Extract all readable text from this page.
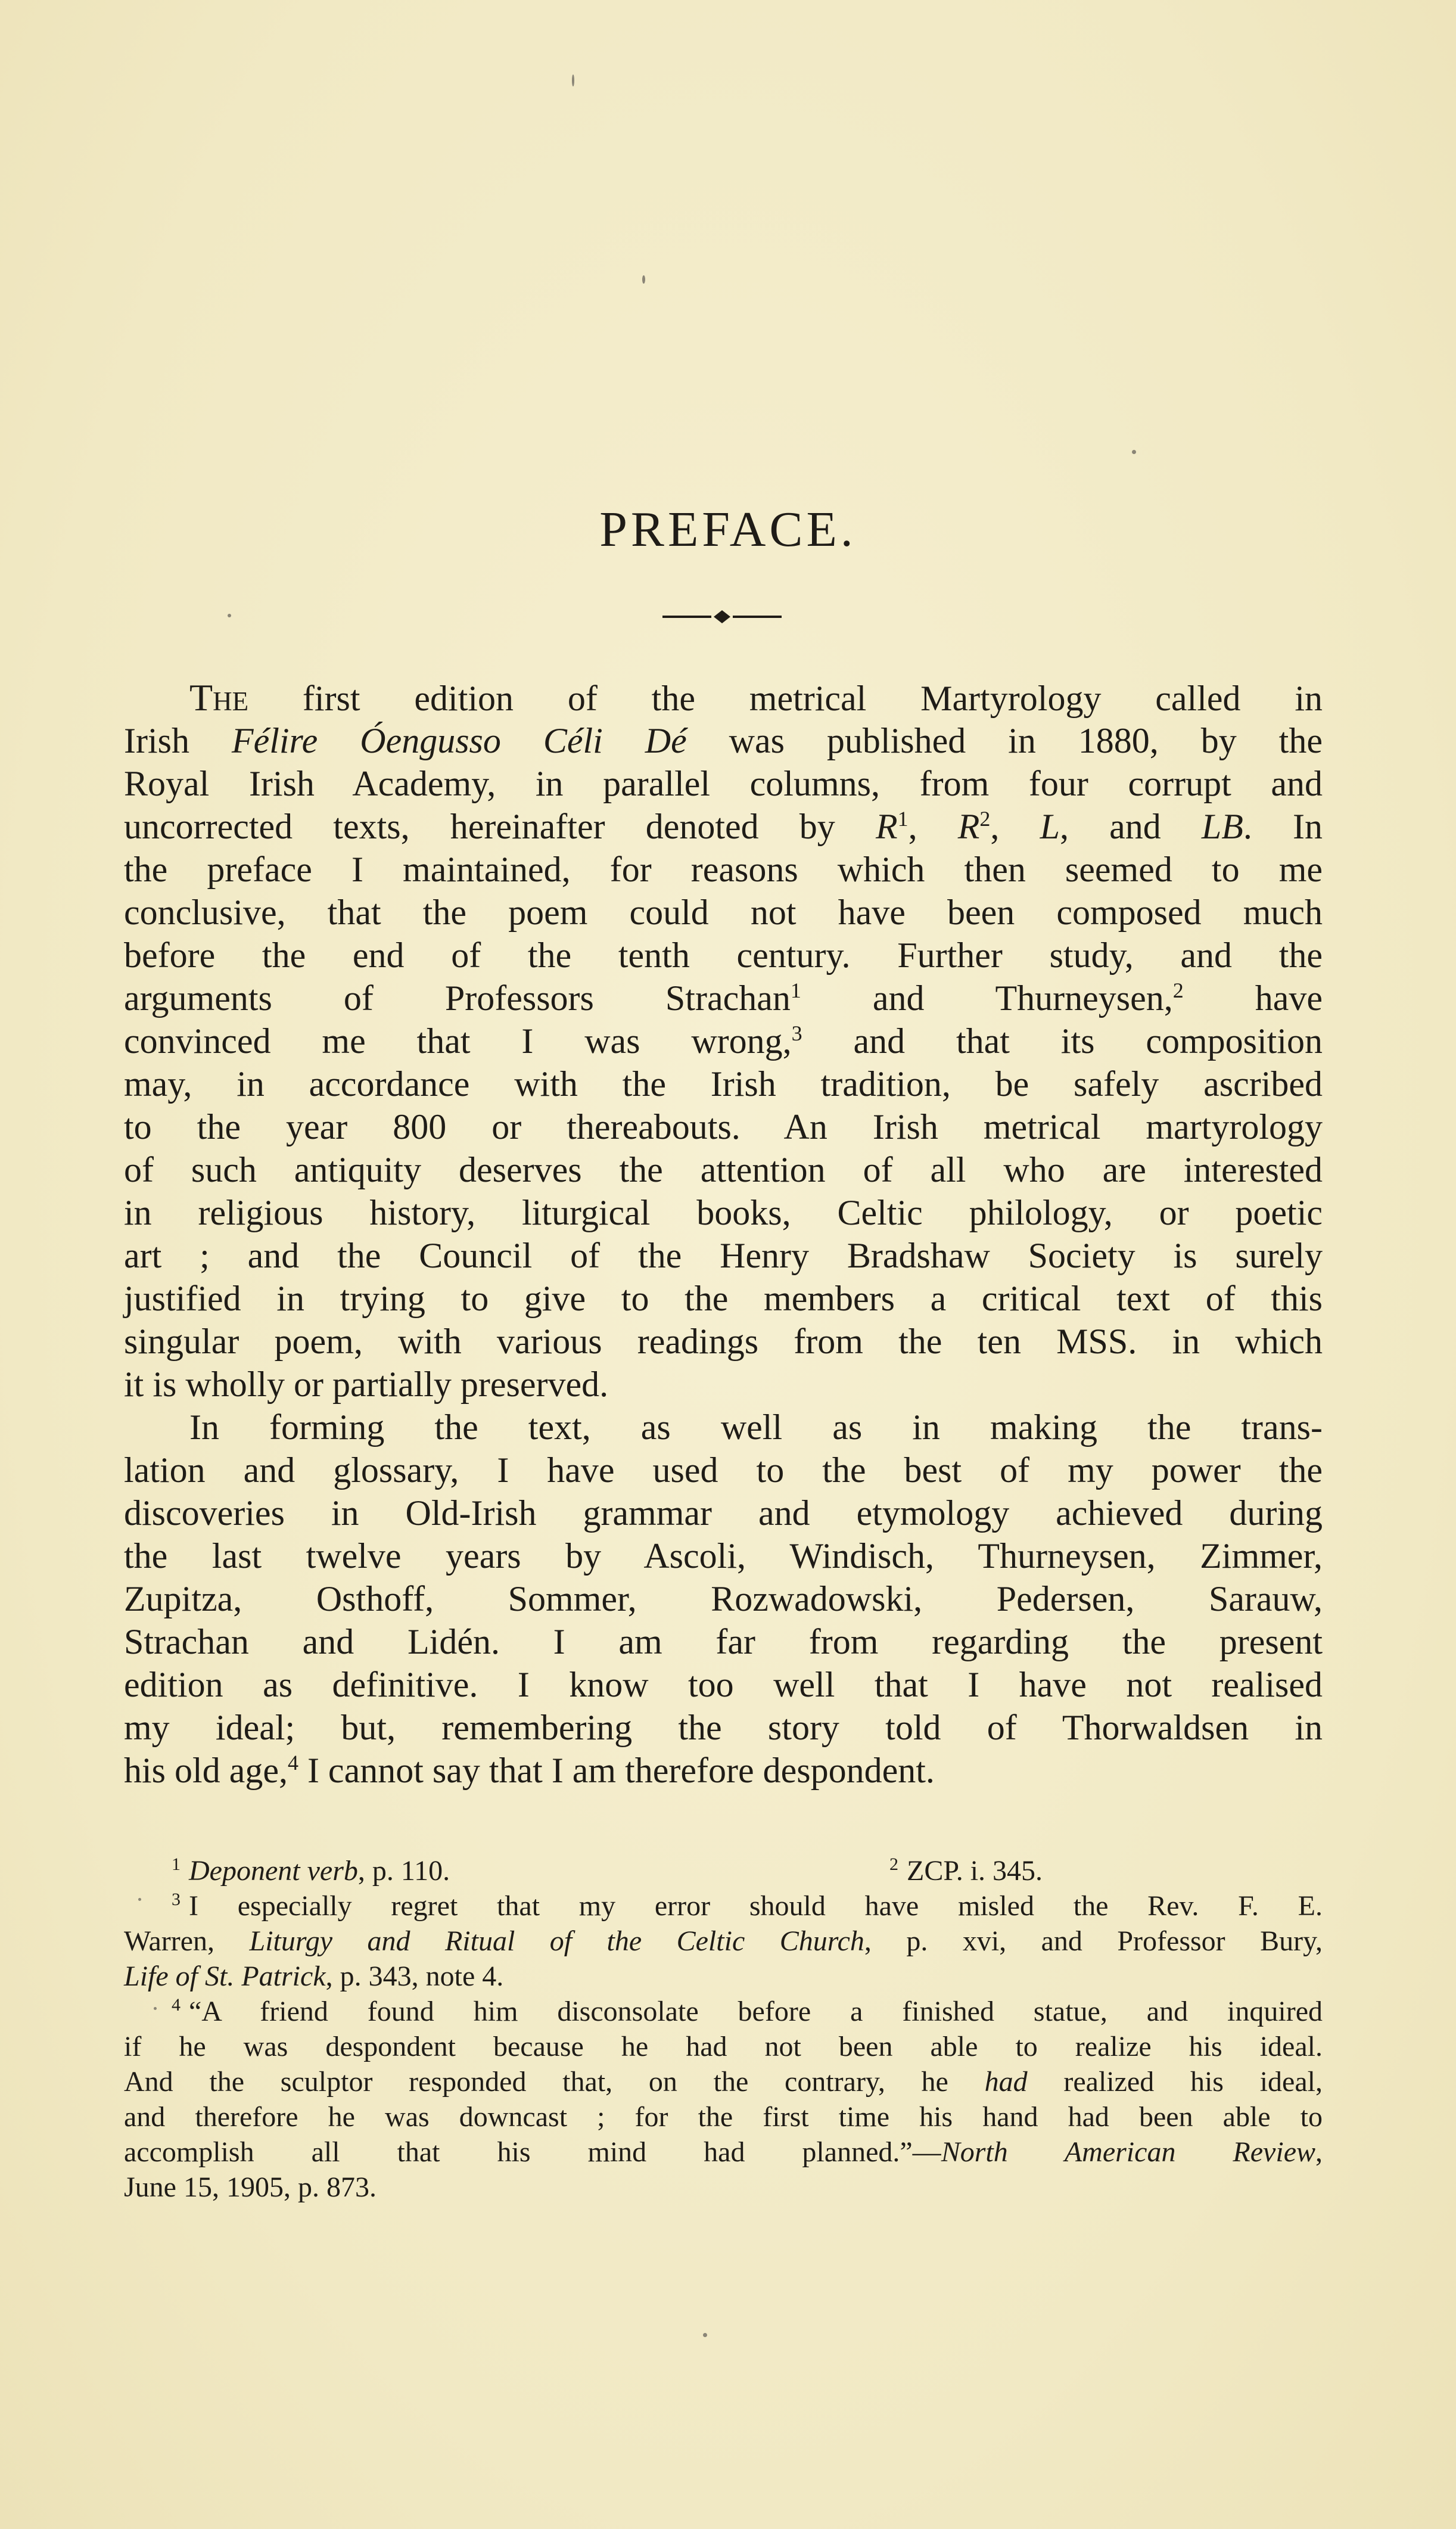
PREFACE.
The first edition of the metrical Martyrology called in
Irish Félire Óengusso Céli Dé was published in 1880, by the
Royal Irish Academy, in parallel columns, from four corrupt and
uncorrected texts, hereinafter denoted by $R^1$, $R^2$, L, and LB. In
the preface I maintained, for reasons which then seemed to me
conclusive, that the poem could not have been composed much
before the end of the tenth century. Further study, and the
arguments of Professors Strachan$^1$ and Thurneysen,$^2$ have
convinced me that I was wrong,$^3$ and that its composition
may, in accordance with the Irish tradition, be safely ascribed
to the year 800 or thereabouts. An Irish metrical martyrology
of such antiquity deserves the attention of all who are interested
in religious history, liturgical books, Celtic philology, or poetic
art ; and the Council of the Henry Bradshaw Society is surely
justified in trying to give to the members a critical text of this
singular poem, with various readings from the ten MSS. in which
it is wholly or partially preserved.
In forming the text, as well as in making the trans-
lation and glossary, I have used to the best of my power the
discoveries in Old-Irish grammar and etymology achieved during
the last twelve years by Ascoli, Windisch, Thurneysen, Zimmer,
Zupitza, Osthoff, Sommer, Rozwadowski, Pedersen, Sarauw,
Strachan and Lidén. I am far from regarding the present
edition as definitive. I know too well that I have not realised
my ideal; but, remembering the story told of Thorwaldsen in
his old age,$^4$ I cannot say that I am therefore despondent.
$^1$ Deponent verb, p. 110.	$^2$ ZCP. i. 345.
$^3$ I especially regret that my error should have misled the Rev. F. E.
Warren, Liturgy and Ritual of the Celtic Church, p. xvi, and Professor Bury,
Life of St. Patrick, p. 343, note 4.
$^4$ “A friend found him disconsolate before a finished statue, and inquired
if he was despondent because he had not been able to realize his ideal.
And the sculptor responded that, on the contrary, he had realized his ideal,
and therefore he was downcast ; for the first time his hand had been able to
accomplish all that his mind had planned.”—North American Review,
June 15, 1905, p. 873.
